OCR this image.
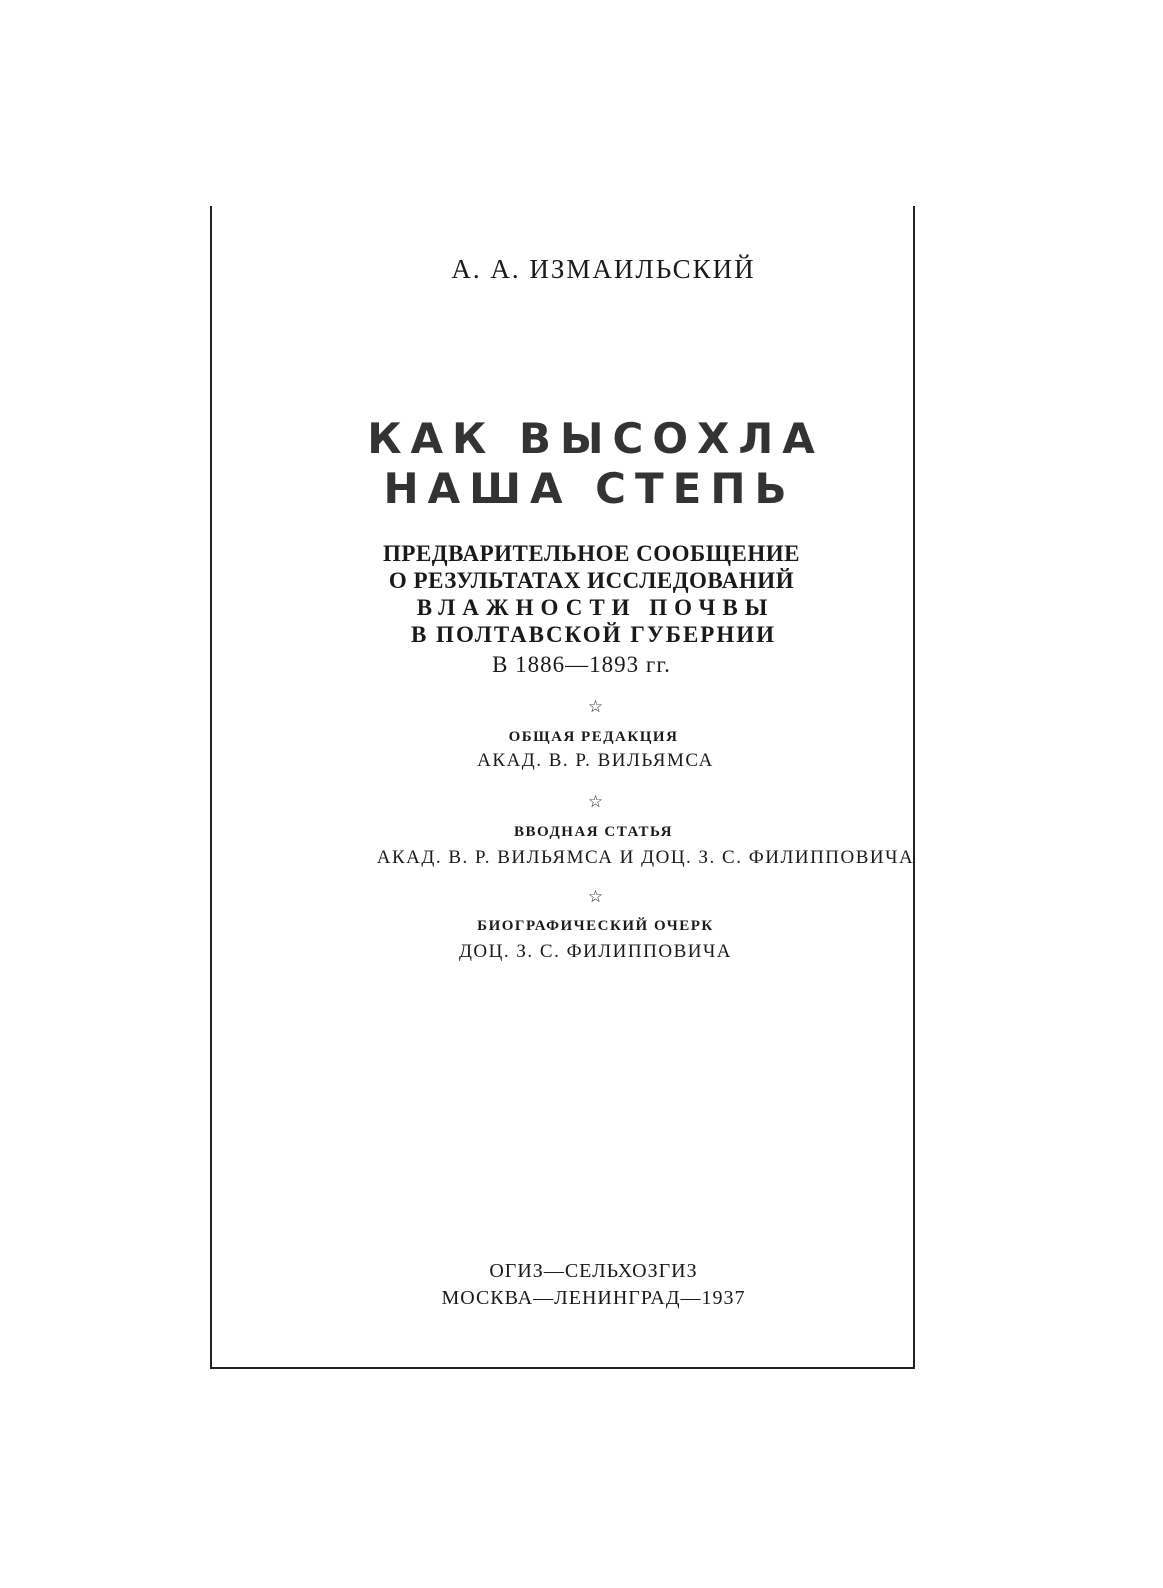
А. А. ИЗМАИЛЬСКИЙ

КАК ВЫСОХЛА

НАША СТЕПЬ

ПРЕДВАРИТЕЛЬНОЕ СООБЩЕНИЕ

О РЕЗУЛЬТАТАХ ИССЛЕДОВАНИЙ

ВЛАЖНОСТИ ПОЧВЫ

В ПОЛТАВСКОЙ ГУБЕРНИИ

В 1886—1893 гг.

☆

ОБЩАЯ РЕДАКЦИЯ

АКАД. В. Р. ВИЛЬЯМСА

☆

ВВОДНАЯ СТАТЬЯ

АКАД. В. Р. ВИЛЬЯМСА И ДОЦ. З. С. ФИЛИППОВИЧА

☆

БИОГРАФИЧЕСКИЙ ОЧЕРК

ДОЦ. З. С. ФИЛИППОВИЧА

ОГИЗ—СЕЛЬХОЗГИЗ

МОСКВА—ЛЕНИНГРАД—1937
